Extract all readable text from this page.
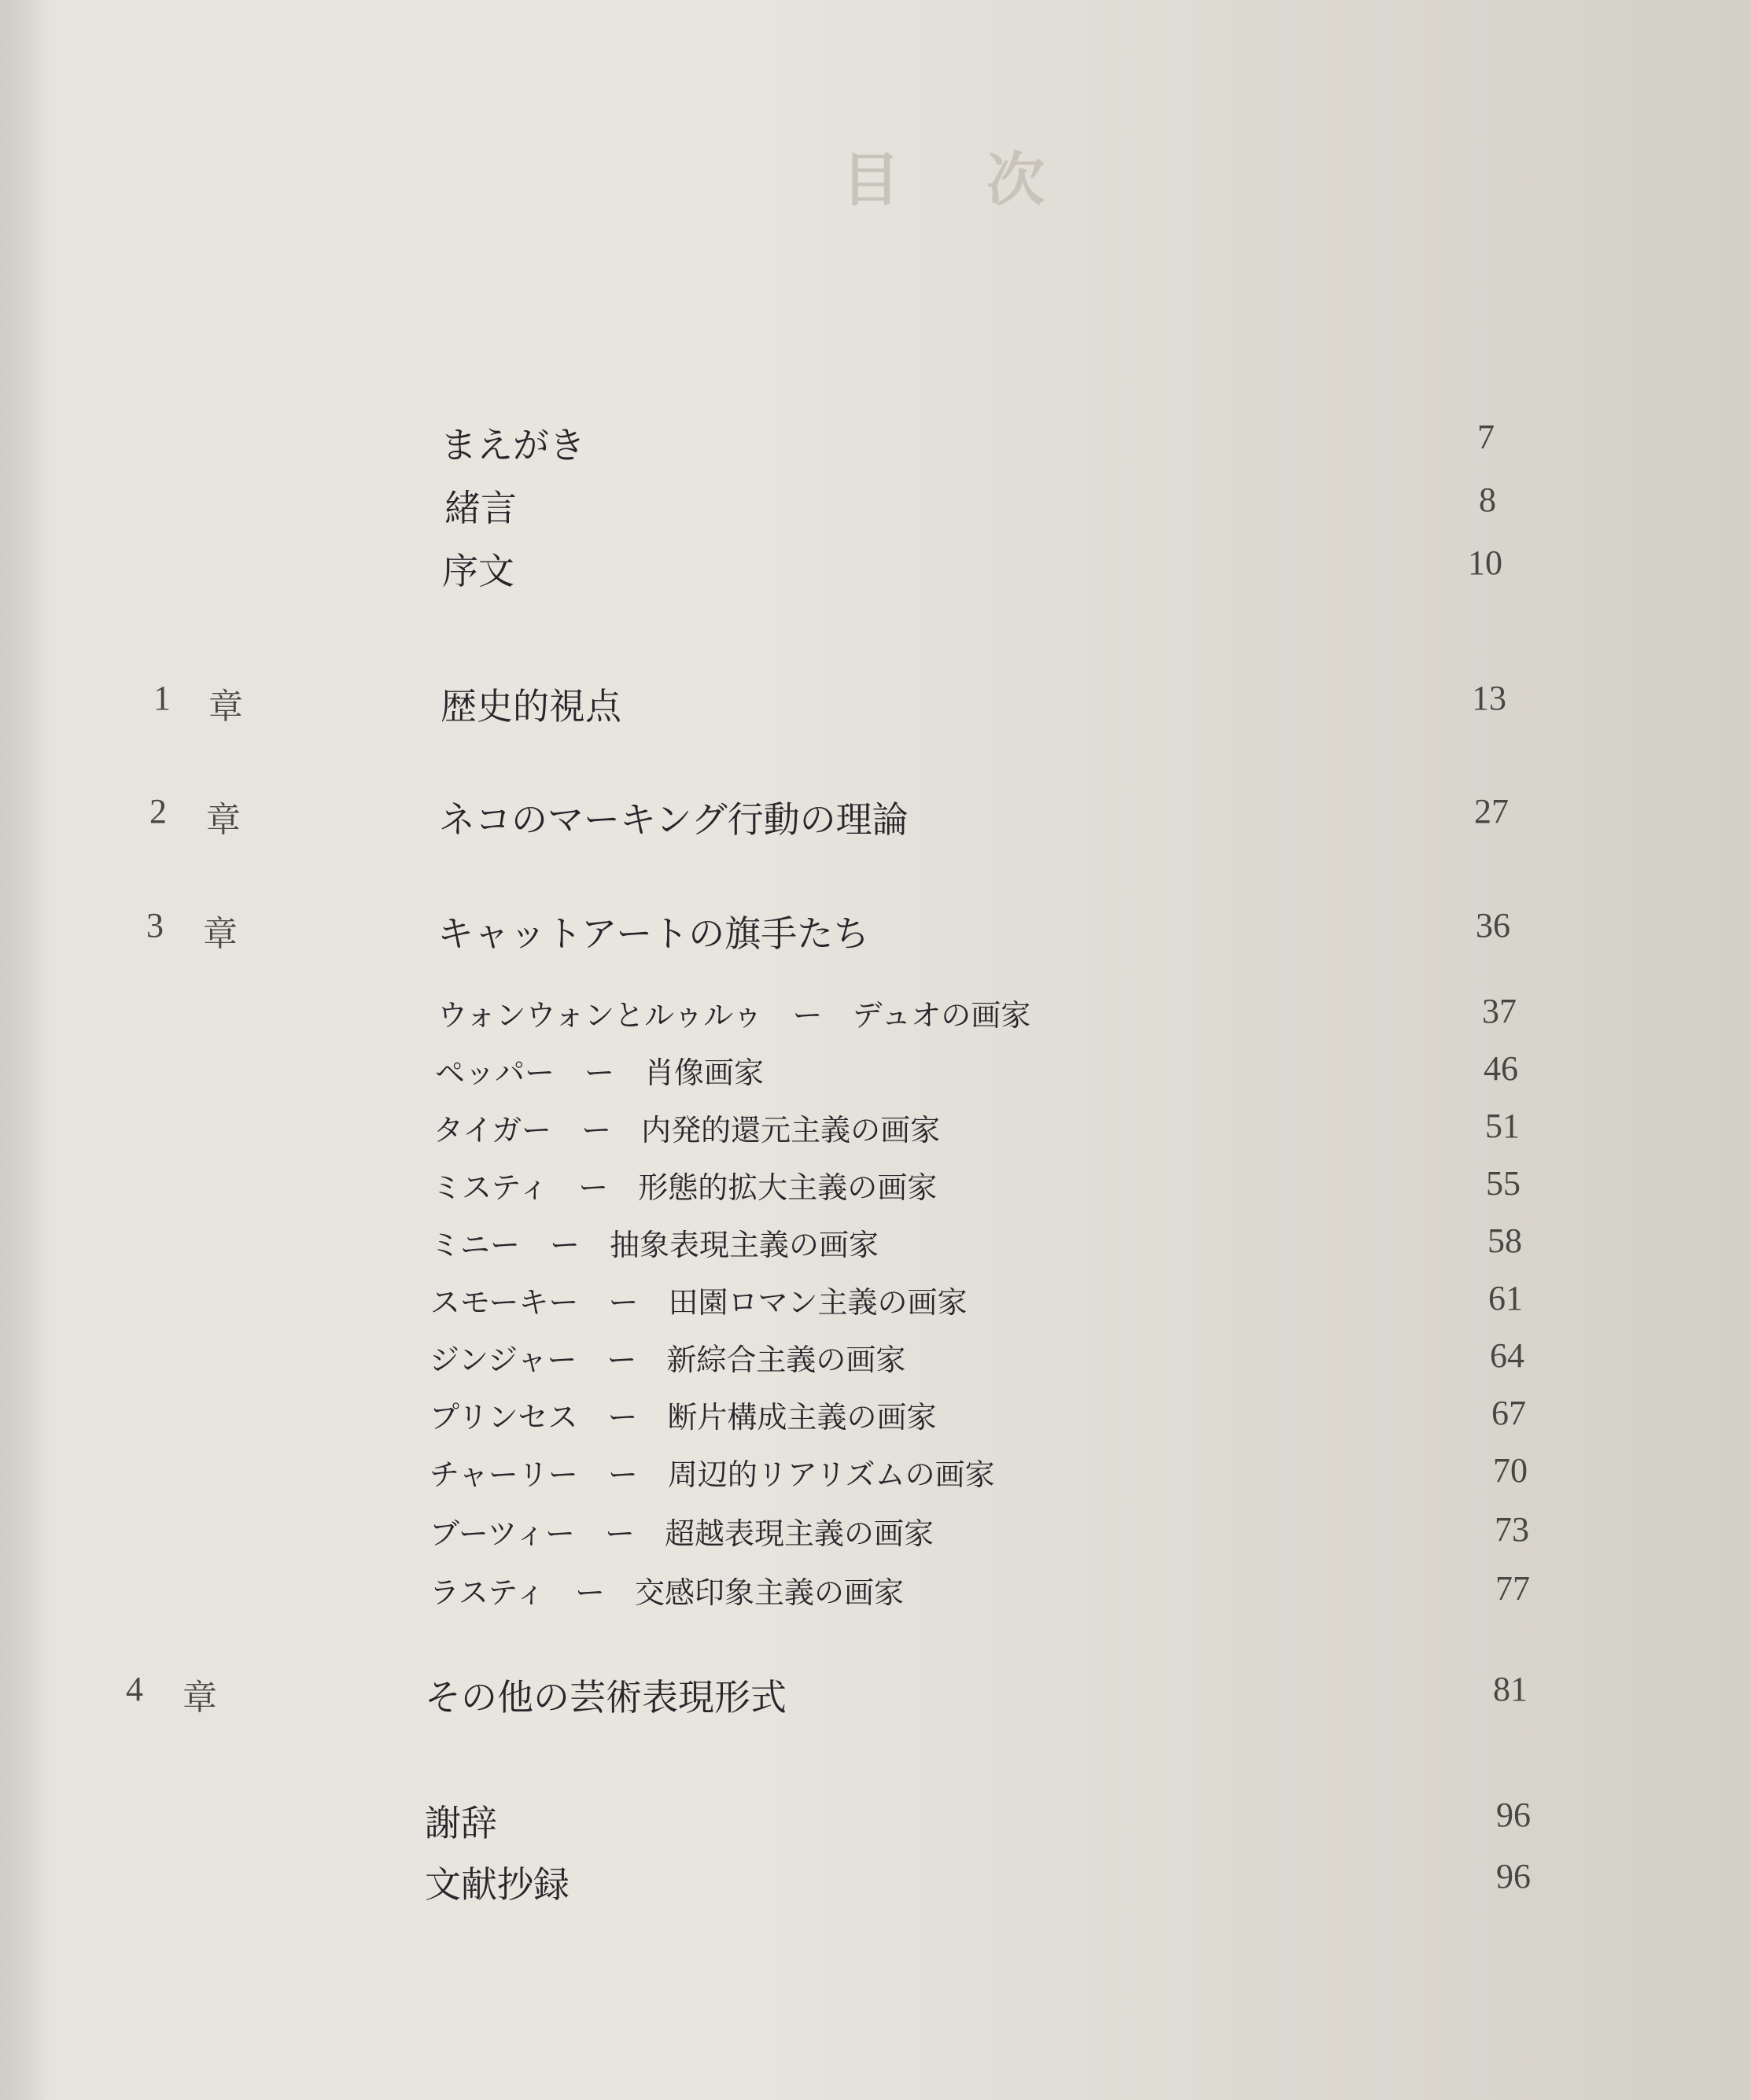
目次
まえがき	7
緒言	8
序文	10
1 章	歴史的視点	13
2 章	ネコのマーキング行動の理論	27
3 章	キャットアートの旗手たち	36
ウォンウォンとルゥルゥ　ー　デュオの画家	37
ペッパー　ー　肖像画家	46
タイガー　ー　内発的還元主義の画家	51
ミスティ　ー　形態的拡大主義の画家	55
ミニー　ー　抽象表現主義の画家	58
スモーキー　ー　田園ロマン主義の画家	61
ジンジャー　ー　新綜合主義の画家	64
プリンセス　ー　断片構成主義の画家	67
チャーリー　ー　周辺的リアリズムの画家	70
ブーツィー　ー　超越表現主義の画家	73
ラスティ　ー　交感印象主義の画家	77
4 章	その他の芸術表現形式	81
謝辞	96
文献抄録	96
